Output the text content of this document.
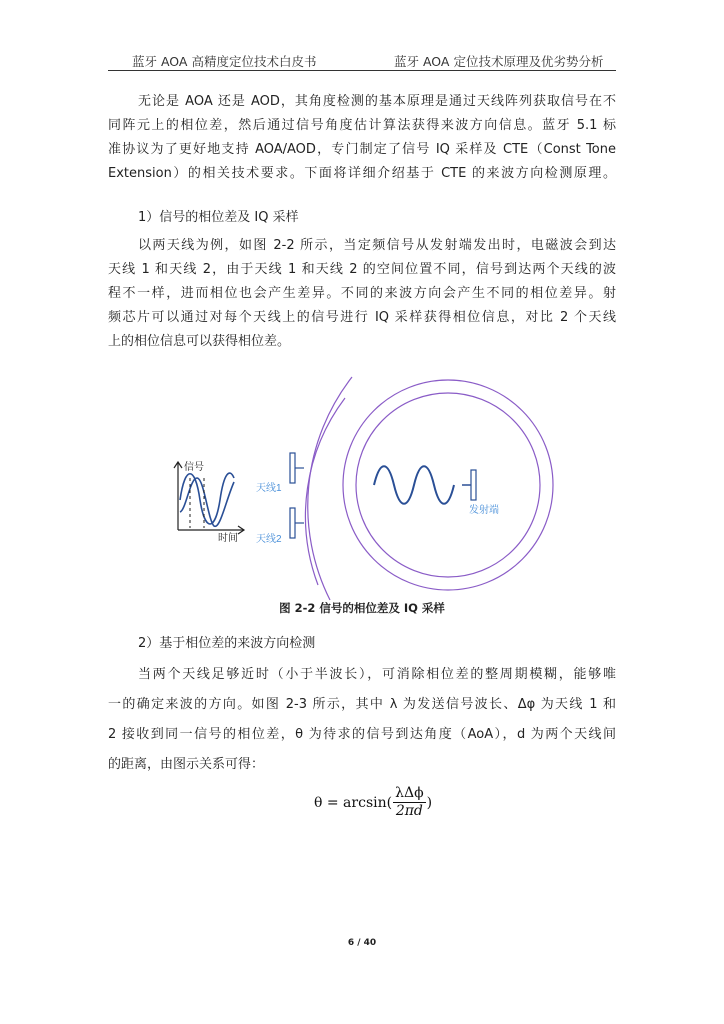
蓝牙 AOA 高精度定位技术白皮书	蓝牙 AOA 定位技术原理及优劣势分析
无论是 AOA 还是 AOD，其角度检测的基本原理是通过天线阵列获取信号在不
同阵元上的相位差，然后通过信号角度估计算法获得来波方向信息。蓝牙 5.1 标
准协议为了更好地支持 AOA/AOD，专门制定了信号 IQ 采样及 CTE（Const Tone
Extension）的相关技术要求。下面将详细介绍基于 CTE 的来波方向检测原理。
1）信号的相位差及 IQ 采样
以两天线为例，如图 2-2 所示，当定频信号从发射端发出时，电磁波会到达
天线 1 和天线 2，由于天线 1 和天线 2 的空间位置不同，信号到达两个天线的波
程不一样，进而相位也会产生差异。不同的来波方向会产生不同的相位差异。射
频芯片可以通过对每个天线上的信号进行 IQ 采样获得相位信息，对比 2 个天线
上的相位信息可以获得相位差。
信号
时间
天线1
天线2
发射端
图 2-2 信号的相位差及 IQ 采样
2）基于相位差的来波方向检测
当两个天线足够近时（小于半波长），可消除相位差的整周期模糊，能够唯
一的确定来波的方向。如图 2-3 所示，其中 λ 为发送信号波长、Δφ 为天线 1 和
2 接收到同一信号的相位差，θ 为待求的信号到达角度（AoA），d 为两个天线间
的距离，由图示关系可得：
$\theta = \arcsin( \frac{\text{λΔϕ}}{2\pi d}$ )
6 / 40
